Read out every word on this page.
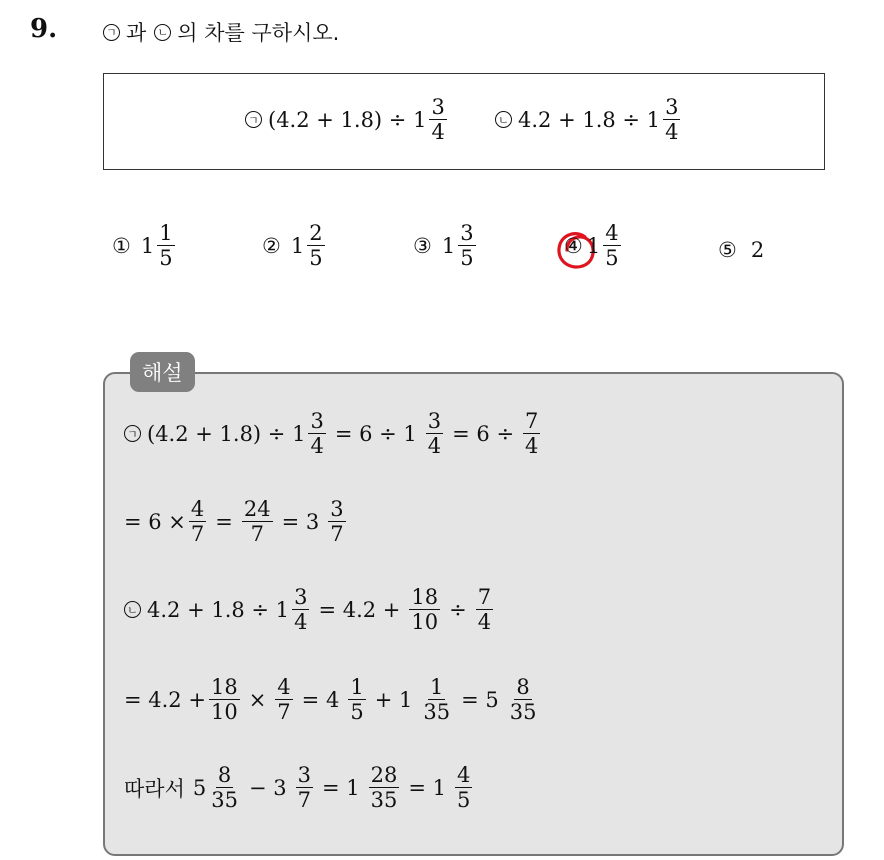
9.	ㄱ 과 ㄴ 의 차를 구하시오.
ㄱ $(4.2 + 1.8) \div 1 \frac{3}{4}$	ㄴ $4.2 + 1.8 \div 1 \frac{3}{4}$
① $1 \frac{1}{5}$	② $1 \frac{2}{5}$	③ $1 \frac{3}{5}$	④ $1 \frac{4}{5}$	⑤ 2
해설
ㄱ $(4.2 + 1.8) \div 1 \frac{3}{4} = 6 \div 1 \frac{3}{4} = 6 \div \frac{7}{4}$
= $6 \times \frac{4}{7} = \frac{24}{7} = 3 \frac{3}{7}$
ㄴ $4.2 + 1.8 \div 1 \frac{3}{4} = 4.2 + \frac{18}{10} \div \frac{7}{4}$
= $4.2 + \frac{18}{10} \times \frac{4}{7} = 4 \frac{1}{5} + 1 \frac{1}{35} = 5 \frac{8}{35}$
따라서 $5 \frac{8}{35} - 3 \frac{3}{7} = 1 \frac{28}{35} = 1 \frac{4}{5}$
